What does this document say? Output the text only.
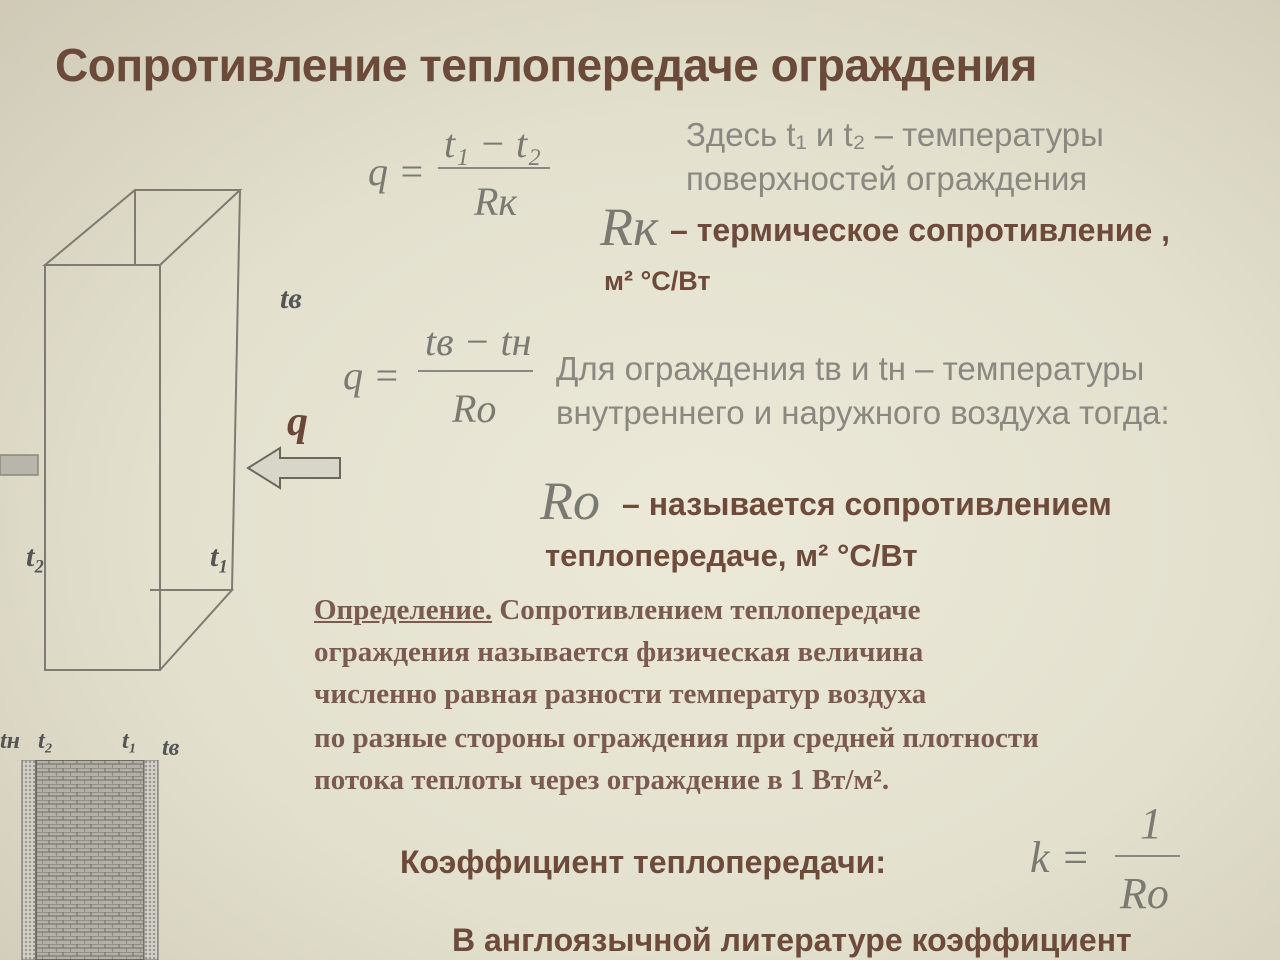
Сопротивление теплопередаче ограждения
tв
q
t₂	t₁
tн t₂	t₁ tв
q =
t₁ − t₂
Rк
Здесь t₁ и t₂ – температуры
поверхностей ограждения
Rк – термическое сопротивление ,
м² °С/Вт
q =
tв − tн
Ro
Для ограждения tв и tн – температуры
внутреннего и наружного воздуха тогда:
Ro – называется сопротивлением
теплопередаче, м² °С/Вт
Определение. Сопротивлением теплопередаче
ограждения называется физическая величина
численно равная разности температур воздуха
по разные стороны ограждения при средней плотности
потока теплоты через ограждение в 1 Вт/м².
Коэффициент теплопередачи:	k =
1
Ro
В англоязычной литературе коэффициент
